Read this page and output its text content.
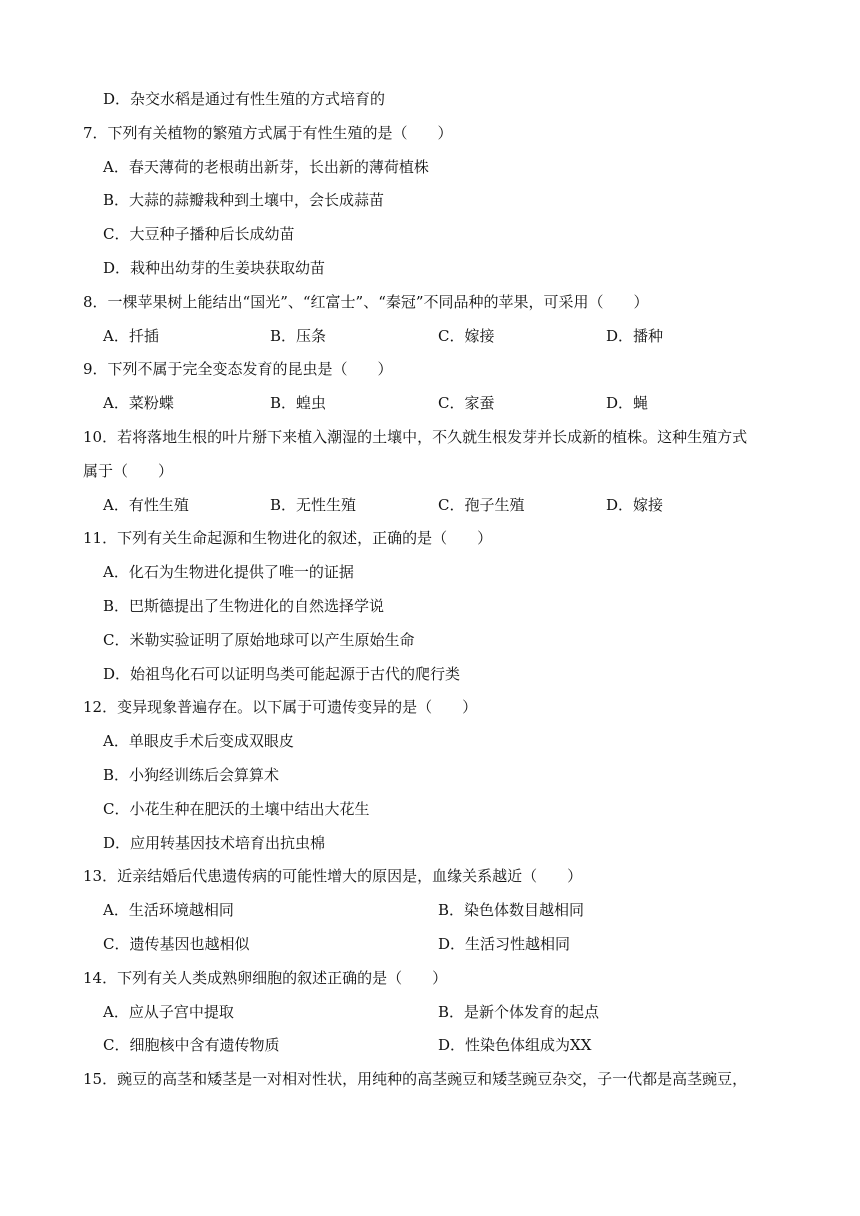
D．杂交水稻是通过有性生殖的方式培育的
7．下列有关植物的繁殖方式属于有性生殖的是（　　）
A．春天薄荷的老根萌出新芽，长出新的薄荷植株
B．大蒜的蒜瓣栽种到土壤中，会长成蒜苗
C．大豆种子播种后长成幼苗
D．栽种出幼芽的生姜块获取幼苗
8．一棵苹果树上能结出“国光”、“红富士”、“秦冠”不同品种的苹果，可采用（　　）
A．扦插	B．压条	C．嫁接	D．播种
9．下列不属于完全变态发育的昆虫是（　　）
A．菜粉蝶	B．蝗虫	C．家蚕	D．蝇
10．若将落地生根的叶片掰下来植入潮湿的土壤中，不久就生根发芽并长成新的植株。这种生殖方式
属于（　　）
A．有性生殖	B．无性生殖	C．孢子生殖	D．嫁接
11．下列有关生命起源和生物进化的叙述，正确的是（　　）
A．化石为生物进化提供了唯一的证据
B．巴斯德提出了生物进化的自然选择学说
C．米勒实验证明了原始地球可以产生原始生命
D．始祖鸟化石可以证明鸟类可能起源于古代的爬行类
12．变异现象普遍存在。以下属于可遗传变异的是（　　）
A．单眼皮手术后变成双眼皮
B．小狗经训练后会算算术
C．小花生种在肥沃的土壤中结出大花生
D．应用转基因技术培育出抗虫棉
13．近亲结婚后代患遗传病的可能性增大的原因是，血缘关系越近（　　）
A．生活环境越相同	B．染色体数目越相同
C．遗传基因也越相似	D．生活习性越相同
14．下列有关人类成熟卵细胞的叙述正确的是（　　）
A．应从子宫中提取	B．是新个体发育的起点
C．细胞核中含有遗传物质	D．性染色体组成为XX
15．豌豆的高茎和矮茎是一对相对性状，用纯种的高茎豌豆和矮茎豌豆杂交，子一代都是高茎豌豆，
